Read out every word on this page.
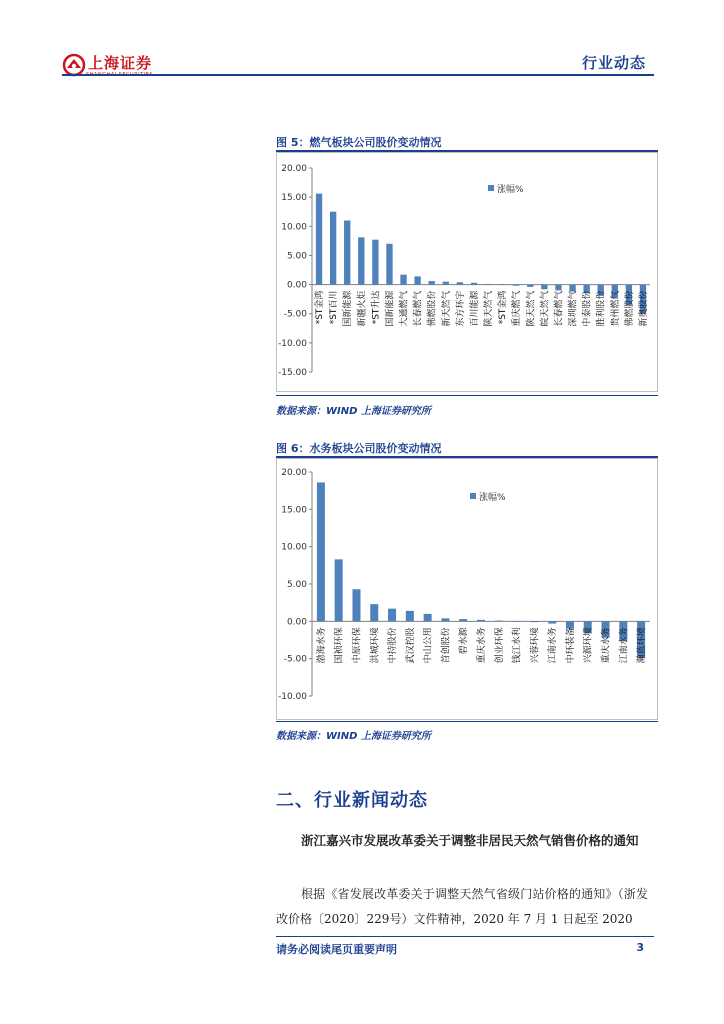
上海证券	行业动态
图 5：燃气板块公司股价变动情况
20.00
15.00
10.00
5.00
0.00
-5.00
-10.00
-15.00
*ST金鸿 *ST百川 国新能源 新疆火炬 *ST升达 国新能源 大通燃气 长春燃气 佛燃股份 新天然气 东方环宇 百川能源 陕天然气 *ST金鸿 重庆燃气 陕天然气 皖天然气 长春燃气 深圳燃气 中泰股份 胜利股份 贵州燃气 佛燃股份 新奥股份
涨幅%
数据来源：WIND 上海证券研究所
图 6：水务板块公司股价变动情况
20.00
15.00
10.00
5.00
0.00
-5.00
-10.00
渤海水务 国祯环保 中原环保 洪城环境 中持股份 武汉控股 中山公用 首创股份 碧水源 重庆水务 创业环保 钱江水利 兴蓉环境 江南水务 中环装备 兴源环境 重庆水务 江南水务 瀚蓝环境
涨幅%
数据来源：WIND 上海证券研究所
二、行业新闻动态
浙江嘉兴市发展改革委关于调整非居民天然气销售价格的通知
根据《省发展改革委关于调整天然气省级门站价格的通知》（浙发改价格〔2020〕229号）文件精神，2020 年 7 月 1 日起至 2020
请务必阅读尾页重要声明	3
